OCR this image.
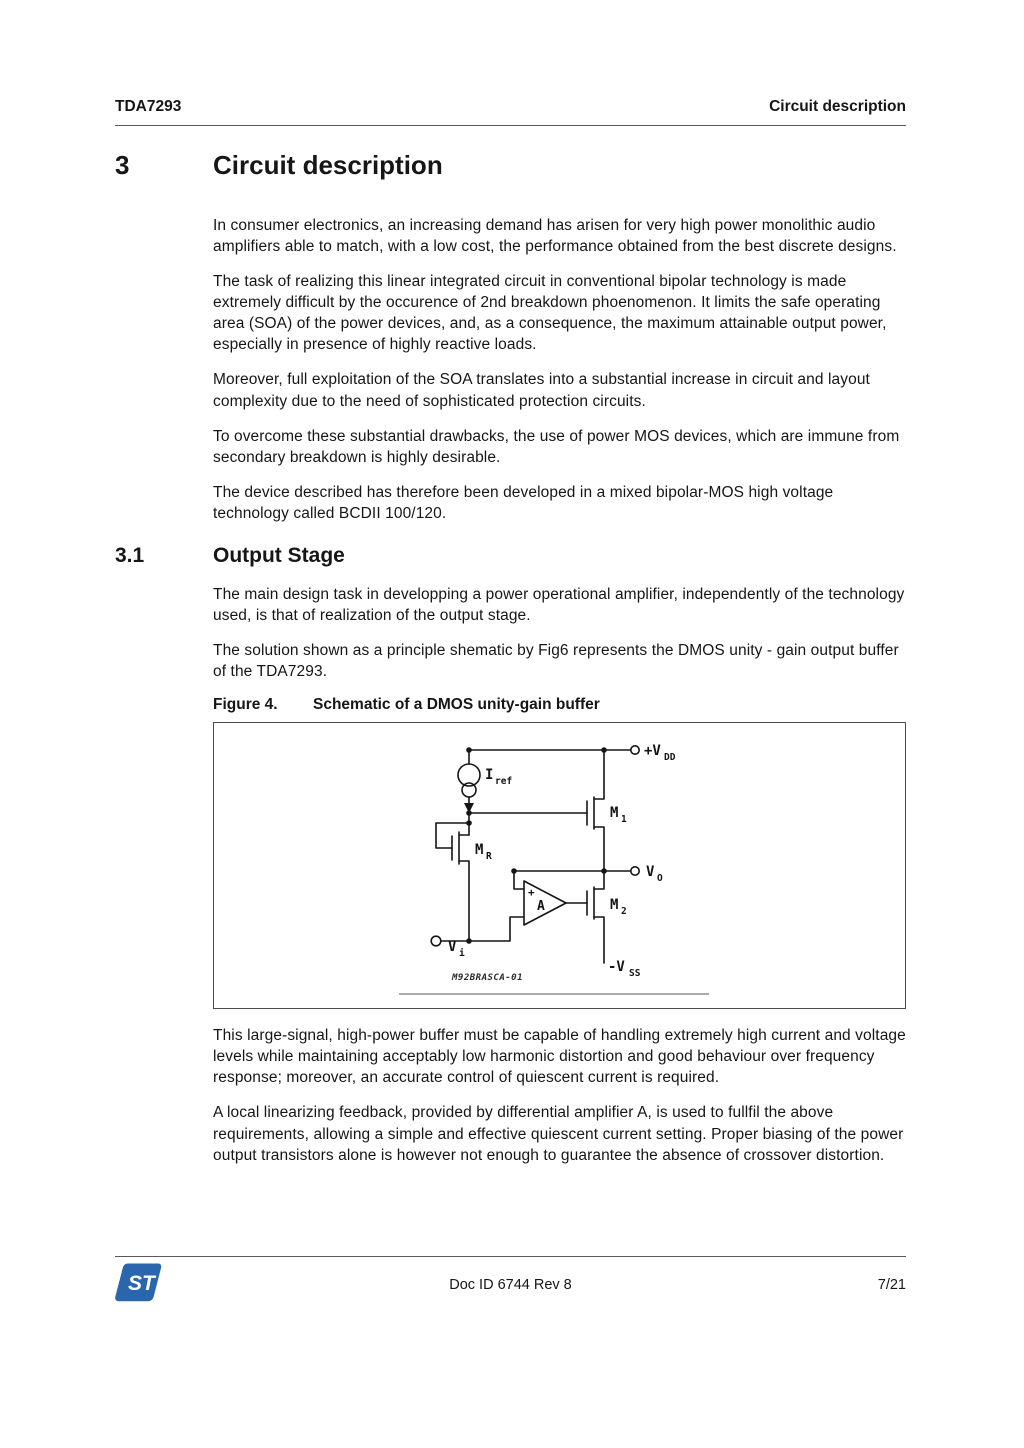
TDA7293	Circuit description
3	Circuit description

In consumer electronics, an increasing demand has arisen for very high power monolithic audio amplifiers able to match, with a low cost, the performance obtained from the best discrete designs.

The task of realizing this linear integrated circuit in conventional bipolar technology is made extremely difficult by the occurence of 2nd breakdown phoenomenon. It limits the safe operating area (SOA) of the power devices, and, as a consequence, the maximum attainable output power, especially in presence of highly reactive loads.

Moreover, full exploitation of the SOA translates into a substantial increase in circuit and layout complexity due to the need of sophisticated protection circuits.

To overcome these substantial drawbacks, the use of power MOS devices, which are immune from secondary breakdown is highly desirable.

The device described has therefore been developed in a mixed bipolar-MOS high voltage technology called BCDII 100/120.

3.1	Output Stage

The main design task in developping a power operational amplifier, independently of the technology used, is that of realization of the output stage.

The solution shown as a principle shematic by Fig6 represents the DMOS unity - gain output buffer of the TDA7293.

Figure 4.	Schematic of a DMOS unity-gain buffer
+V DD
I ref
M 1
M R
+
A	M 2
V O
V i
-V SS
M92BRASCA-01

This large-signal, high-power buffer must be capable of handling extremely high current and voltage levels while maintaining acceptably low harmonic distortion and good behaviour over frequency response; moreover, an accurate control of quiescent current is required.

A local linearizing feedback, provided by differential amplifier A, is used to fullfil the above requirements, allowing a simple and effective quiescent current setting. Proper biasing of the power output transistors alone is however not enough to guarantee the absence of crossover distortion.

ST	Doc ID 6744 Rev 8	7/21
